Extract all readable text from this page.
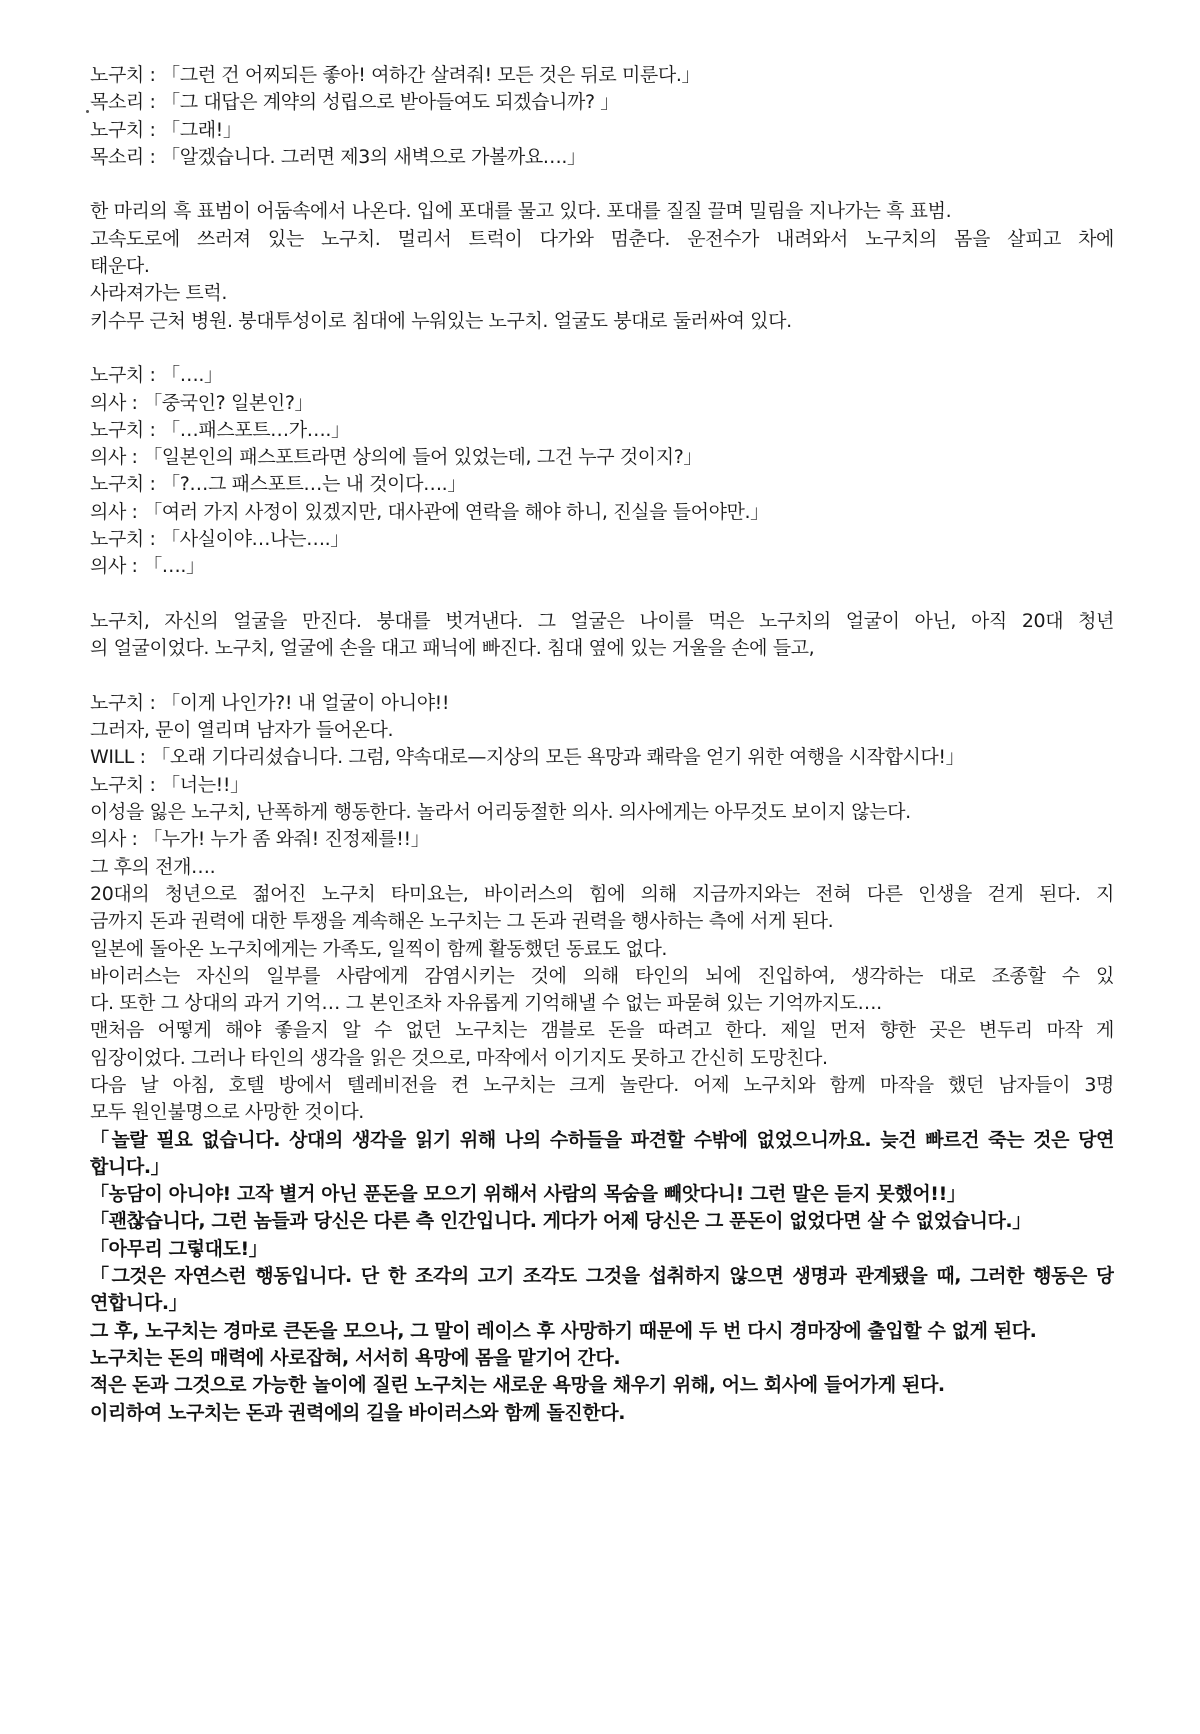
노구치 : 「그런 건 어찌되든 좋아! 여하간 살려줘! 모든 것은 뒤로 미룬다.」
목소리 : 「그 대답은 계약의 성립으로 받아들여도 되겠습니까? 」
노구치 : 「그래!」
목소리 : 「알겠습니다. 그러면 제3의 새벽으로 가볼까요….」
한 마리의 흑 표범이 어둠속에서 나온다. 입에 포대를 물고 있다. 포대를 질질 끌며 밀림을 지나가는 흑 표범.
고속도로에 쓰러져 있는 노구치. 멀리서 트럭이 다가와 멈춘다. 운전수가 내려와서 노구치의 몸을 살피고 차에
태운다.
사라져가는 트럭.
키수무 근처 병원. 붕대투성이로 침대에 누워있는 노구치. 얼굴도 붕대로 둘러싸여 있다.
노구치 : 「….」
의사 : 「중국인? 일본인?」
노구치 : 「…패스포트…가….」
의사 : 「일본인의 패스포트라면 상의에 들어 있었는데, 그건 누구 것이지?」
노구치 : 「?…그 패스포트…는 내 것이다….」
의사 : 「여러 가지 사정이 있겠지만, 대사관에 연락을 해야 하니, 진실을 들어야만.」
노구치 : 「사실이야…나는….」
의사 : 「….」
노구치, 자신의 얼굴을 만진다. 붕대를 벗겨낸다. 그 얼굴은 나이를 먹은 노구치의 얼굴이 아닌, 아직 20대 청년
의 얼굴이었다. 노구치, 얼굴에 손을 대고 패닉에 빠진다. 침대 옆에 있는 거울을 손에 들고,
노구치 : 「이게 나인가?! 내 얼굴이 아니야!!
그러자, 문이 열리며 남자가 들어온다.
WILL : 「오래 기다리셨습니다. 그럼, 약속대로—지상의 모든 욕망과 쾌락을 얻기 위한 여행을 시작합시다!」
노구치 : 「너는!!」
이성을 잃은 노구치, 난폭하게 행동한다. 놀라서 어리둥절한 의사. 의사에게는 아무것도 보이지 않는다.
의사 : 「누가! 누가 좀 와줘! 진정제를!!」
그 후의 전개….
20대의 청년으로 젊어진 노구치 타미요는, 바이러스의 힘에 의해 지금까지와는 전혀 다른 인생을 걷게 된다. 지
금까지 돈과 권력에 대한 투쟁을 계속해온 노구치는 그 돈과 권력을 행사하는 측에 서게 된다.
일본에 돌아온 노구치에게는 가족도, 일찍이 함께 활동했던 동료도 없다.
바이러스는 자신의 일부를 사람에게 감염시키는 것에 의해 타인의 뇌에 진입하여, 생각하는 대로 조종할 수 있
다. 또한 그 상대의 과거 기억… 그 본인조차 자유롭게 기억해낼 수 없는 파묻혀 있는 기억까지도….
맨처음 어떻게 해야 좋을지 알 수 없던 노구치는 갬블로 돈을 따려고 한다. 제일 먼저 향한 곳은 변두리 마작 게
임장이었다. 그러나 타인의 생각을 읽은 것으로, 마작에서 이기지도 못하고 간신히 도망친다.
다음 날 아침, 호텔 방에서 텔레비전을 켠 노구치는 크게 놀란다. 어제 노구치와 함께 마작을 했던 남자들이 3명
모두 원인불명으로 사망한 것이다.
「놀랄 필요 없습니다. 상대의 생각을 읽기 위해 나의 수하들을 파견할 수밖에 없었으니까요. 늦건 빠르건 죽는 것은 당연
합니다.」
「농담이 아니야! 고작 별거 아닌 푼돈을 모으기 위해서 사람의 목숨을 빼앗다니! 그런 말은 듣지 못했어!!」
「괜찮습니다, 그런 놈들과 당신은 다른 측 인간입니다. 게다가 어제 당신은 그 푼돈이 없었다면 살 수 없었습니다.」
「아무리 그렇대도!」
「그것은 자연스런 행동입니다. 단 한 조각의 고기 조각도 그것을 섭취하지 않으면 생명과 관계됐을 때, 그러한 행동은 당
연합니다.」
그 후, 노구치는 경마로 큰돈을 모으나, 그 말이 레이스 후 사망하기 때문에 두 번 다시 경마장에 출입할 수 없게 된다.
노구치는 돈의 매력에 사로잡혀, 서서히 욕망에 몸을 맡기어 간다.
적은 돈과 그것으로 가능한 놀이에 질린 노구치는 새로운 욕망을 채우기 위해, 어느 회사에 들어가게 된다.
이리하여 노구치는 돈과 권력에의 길을 바이러스와 함께 돌진한다.
